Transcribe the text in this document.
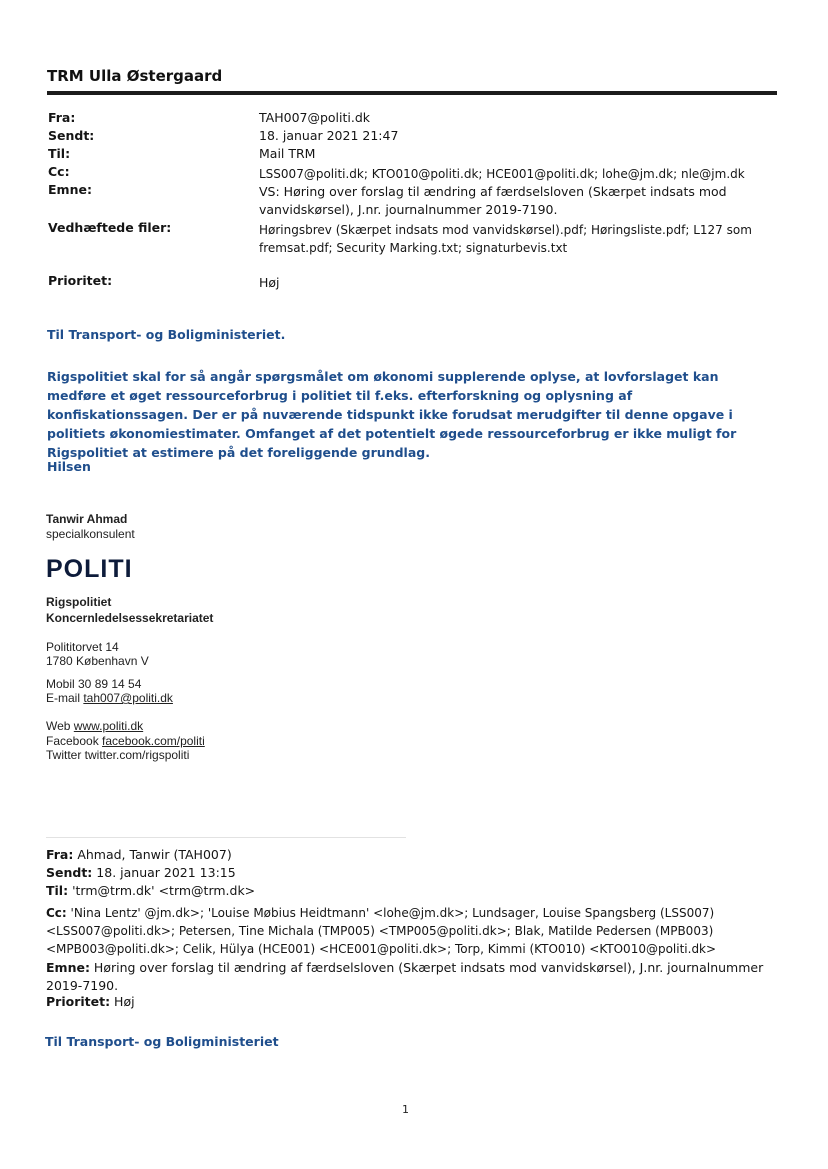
TRM Ulla Østergaard
Fra:	TAH007@politi.dk
Sendt:	18. januar 2021 21:47
Til:	Mail TRM
Cc:	LSS007@politi.dk; KTO010@politi.dk; HCE001@politi.dk; lohe@jm.dk; nle@jm.dk
Emne:	VS: Høring over forslag til ændring af færdselsloven (Skærpet indsats mod vanvidskørsel), J.nr. journalnummer 2019-7190.
Vedhæftede filer:	Høringsbrev (Skærpet indsats mod vanvidskørsel).pdf; Høringsliste.pdf; L127 som fremsat.pdf; Security Marking.txt; signaturbevis.txt
Prioritet:	Høj
Til Transport- og Boligministeriet.
Rigspolitiet skal for så angår spørgsmålet om økonomi supplerende oplyse, at lovforslaget kan medføre et øget ressourceforbrug i politiet til f.eks. efterforskning og oplysning af konfiskationssagen. Der er på nuværende tidspunkt ikke forudsat merudgifter til denne opgave i politiets økonomiestimater. Omfanget af det potentielt øgede ressourceforbrug er ikke muligt for Rigspolitiet at estimere på det foreliggende grundlag.
Hilsen
Tanwir Ahmad
specialkonsulent
POLITI
Rigspolitiet
Koncernledelsessekretariatet
Polititorvet 14
1780 København V
Mobil 30 89 14 54
E-mail tah007@politi.dk
Web www.politi.dk
Facebook facebook.com/politi
Twitter twitter.com/rigspoliti
Fra: Ahmad, Tanwir (TAH007)
Sendt: 18. januar 2021 13:15
Til: 'trm@trm.dk' <trm@trm.dk>
Cc: 'Nina Lentz' @jm.dk>; 'Louise Møbius Heidtmann' <lohe@jm.dk>; Lundsager, Louise Spangsberg (LSS007) <LSS007@politi.dk>; Petersen, Tine Michala (TMP005) <TMP005@politi.dk>; Blak, Matilde Pedersen (MPB003) <MPB003@politi.dk>; Celik, Hülya (HCE001) <HCE001@politi.dk>; Torp, Kimmi (KTO010) <KTO010@politi.dk>
Emne: Høring over forslag til ændring af færdselsloven (Skærpet indsats mod vanvidskørsel), J.nr. journalnummer 2019-7190.
Prioritet: Høj
Til Transport- og Boligministeriet
1
